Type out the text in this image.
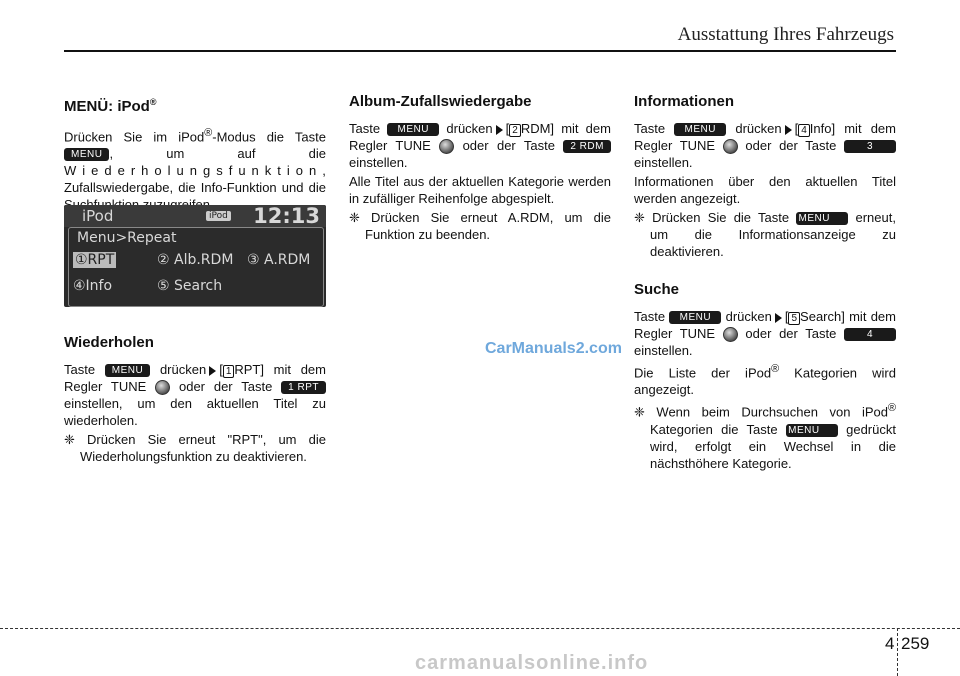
Ausstattung Ihres Fahrzeugs
MENÜ: iPod®

Drücken Sie im iPod®-Modus die Taste MENU , um auf die Wiederholungsfunktion, Zufallswiedergabe, die Info-Funktion und die

Wiederholen

Taste MENU drücken [ 1 RPT] mit dem Regler TUNE	oder der Taste 1 RPT einstellen, um den aktuellen Titel zu wiederholen.

❈ Drücken Sie erneut "RPT", um die Wiederholungsfunktion zu deaktivieren.

iPod	iPod 12:13
Menu>Repeat
①RPT	② Alb.RDM ③ A.RDM
④Info	⑤ Search
Album-Zufallswiedergabe

Taste MENU drücken [ 2 RDM] mit dem Regler TUNE oder der Taste 2 RDM einstellen.

Alle Titel aus der aktuellen Kategorie werden in zufälliger Reihenfolge abgespielt.

❈ Drücken Sie erneut A.RDM, um die Funktion zu beenden.

Informationen

Taste MENU drücken [ 4 Info] mit dem Regler TUNE oder der Taste	3 einstellen.

Informationen über den aktuellen Titel werden angezeigt.

❈ Drücken Sie die Taste MENU erneut, um die Informationsanzeige zu deaktivieren.

Suche

Taste MENU drücken [ 5 Search] mit dem Regler TUNE oder der Taste	4 einstellen.

Die Liste der iPod® Kategorien wird angezeigt.

❈ Wenn beim Durchsuchen von iPod® Kategorien die Taste MENU gedrückt wird, erfolgt ein Wechsel in die nächsthöhere Kategorie.

CarManuals2.com
4 259
carmanualsonline.info
